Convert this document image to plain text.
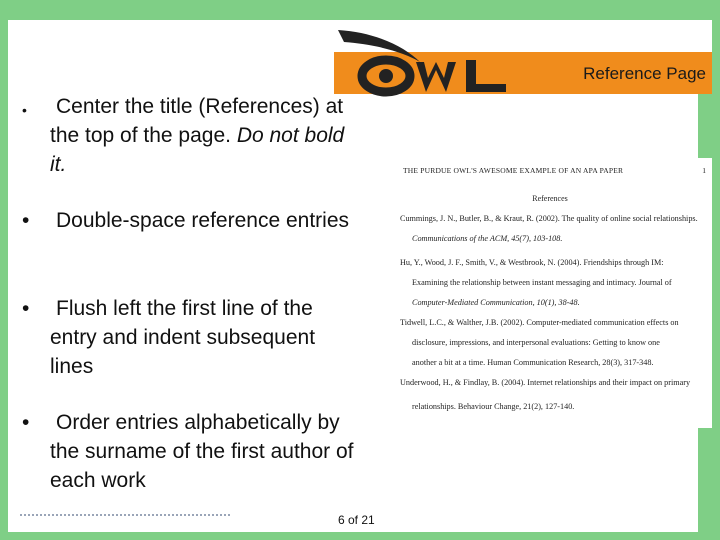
Reference Page
•	Center the title (References) at the top of the page. Do not bold it.
•	Double-space reference entries
•	Flush left the first line of the entry and indent subsequent lines
•	Order entries alphabetically by the surname of the first author of each work
THE PURDUE OWL'S AWESOME EXAMPLE OF AN APA PAPER	1
References
Cummings, J. N., Butler, B., & Kraut, R. (2002). The quality of online social relationships.
Communications of the ACM, 45(7), 103-108.
Hu, Y., Wood, J. F., Smith, V., & Westbrook, N. (2004). Friendships through IM:
Examining the relationship between instant messaging and intimacy. Journal of
Computer-Mediated Communication, 10(1), 38-48.
Tidwell, L.C., & Walther, J.B. (2002). Computer-mediated communication effects on
disclosure, impressions, and interpersonal evaluations: Getting to know one
another a bit at a time. Human Communication Research, 28(3), 317-348.
Underwood, H., & Findlay, B. (2004). Internet relationships and their impact on primary
relationships. Behaviour Change, 21(2), 127-140.
6 of 21
